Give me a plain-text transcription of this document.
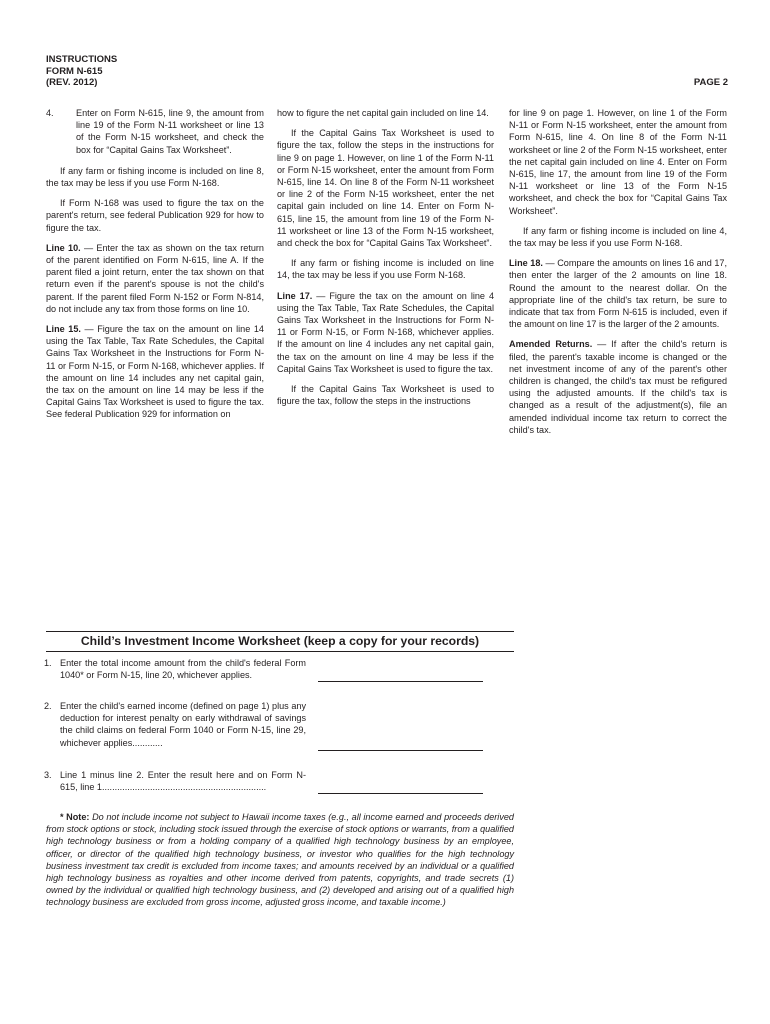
INSTRUCTIONS
FORM N-615
(REV. 2012)	PAGE 2
4.	Enter on Form N-615, line 9, the amount from line 19 of the Form N-11 worksheet or line 13 of the Form N-15 worksheet, and check the box for “Capital Gains Tax Worksheet”.

If any farm or fishing income is included on line 8, the tax may be less if you use Form N-168.

If Form N-168 was used to figure the tax on the parent's return, see federal Publication 929 for how to figure the tax.

Line 10. — Enter the tax as shown on the tax return of the parent identified on Form N-615, line A. If the parent filed a joint return, enter the tax shown on that return even if the parent's spouse is not the child's parent. If the parent filed Form N-152 or Form N-814, do not include any tax from those forms on line 10.

Line 15. — Figure the tax on the amount on line 14 using the Tax Table, Tax Rate Schedules, the Capital Gains Tax Worksheet in the Instructions for Form N-11 or Form N-15, or Form N-168, whichever applies. If the amount on line 14 includes any net capital gain, the tax on the amount on line 14 may be less if the Capital Gains Tax Worksheet is used to figure the tax. See federal Publication 929 for information on

how to figure the net capital gain included on line 14.

If the Capital Gains Tax Worksheet is used to figure the tax, follow the steps in the instructions for line 9 on page 1. However, on line 1 of the Form N-11 or Form N-15 worksheet, enter the amount from Form N-615, line 14. On line 8 of the Form N-11 worksheet or line 2 of the Form N-15 worksheet, enter the net capital gain included on line 14. Enter on Form N-615, line 15, the amount from line 19 of the Form N-11 worksheet or line 13 of the Form N-15 worksheet, and check the box for “Capital Gains Tax Worksheet”.

If any farm or fishing income is included on line 14, the tax may be less if you use Form N-168.

Line 17. — Figure the tax on the amount on line 4 using the Tax Table, Tax Rate Schedules, the Capital Gains Tax Worksheet in the Instructions for Form N-11 or Form N-15, or Form N-168, whichever applies. If the amount on line 4 includes any net capital gain, the tax on the amount on line 4 may be less if the Capital Gains Tax Worksheet is used to figure the tax.

If the Capital Gains Tax Worksheet is used to figure the tax, follow the steps in the instructions

for line 9 on page 1. However, on line 1 of the Form N-11 or Form N-15 worksheet, enter the amount from Form N-615, line 4. On line 8 of the Form N-11 worksheet or line 2 of the Form N-15 worksheet, enter the net capital gain included on line 4. Enter on Form N-615, line 17, the amount from line 19 of the Form N-11 worksheet or line 13 of the Form N-15 worksheet, and check the box for “Capital Gains Tax Worksheet”.

If any farm or fishing income is included on line 4, the tax may be less if you use Form N-168.

Line 18. — Compare the amounts on lines 16 and 17, then enter the larger of the 2 amounts on line 18. Round the amount to the nearest dollar. On the appropriate line of the child's tax return, be sure to indicate that tax from Form N-615 is included, even if the amount on line 17 is the larger of the 2 amounts.

Amended Returns. — If after the child's return is filed, the parent's taxable income is changed or the net investment income of any of the parent's other children is changed, the child's tax must be refigured using the adjusted amounts. If the child's tax is changed as a result of the adjustment(s), file an amended individual income tax return to correct the child's tax.

Child’s Investment Income Worksheet (keep a copy for your records)
1. Enter the total income amount from the child's federal Form 1040* or Form N-15, line 20, whichever applies.
2. Enter the child's earned income (defined on page 1) plus any deduction for interest penalty on early withdrawal of savings the child claims on federal Form 1040 or Form N-15, line 29, whichever applies............
3. Line 1 minus line 2. Enter the result here and on Form N-615, line 1.................................................................
* Note: Do not include income not subject to Hawaii income taxes (e.g., all income earned and proceeds derived from stock options or stock, including stock issued through the exercise of stock options or warrants, from a qualified high technology business or from a holding company of a qualified high technology business by an employee, officer, or director of the qualified high technology business, or investor who qualifies for the high technology business investment tax credit is excluded from income taxes; and amounts received by an individual or a qualified high technology business as royalties and other income derived from patents, copyrights, and trade secrets (1) owned by the individual or qualified high technology business, and (2) developed and arising out of a qualified high technology business are excluded from gross income, adjusted gross income, and taxable income.)
